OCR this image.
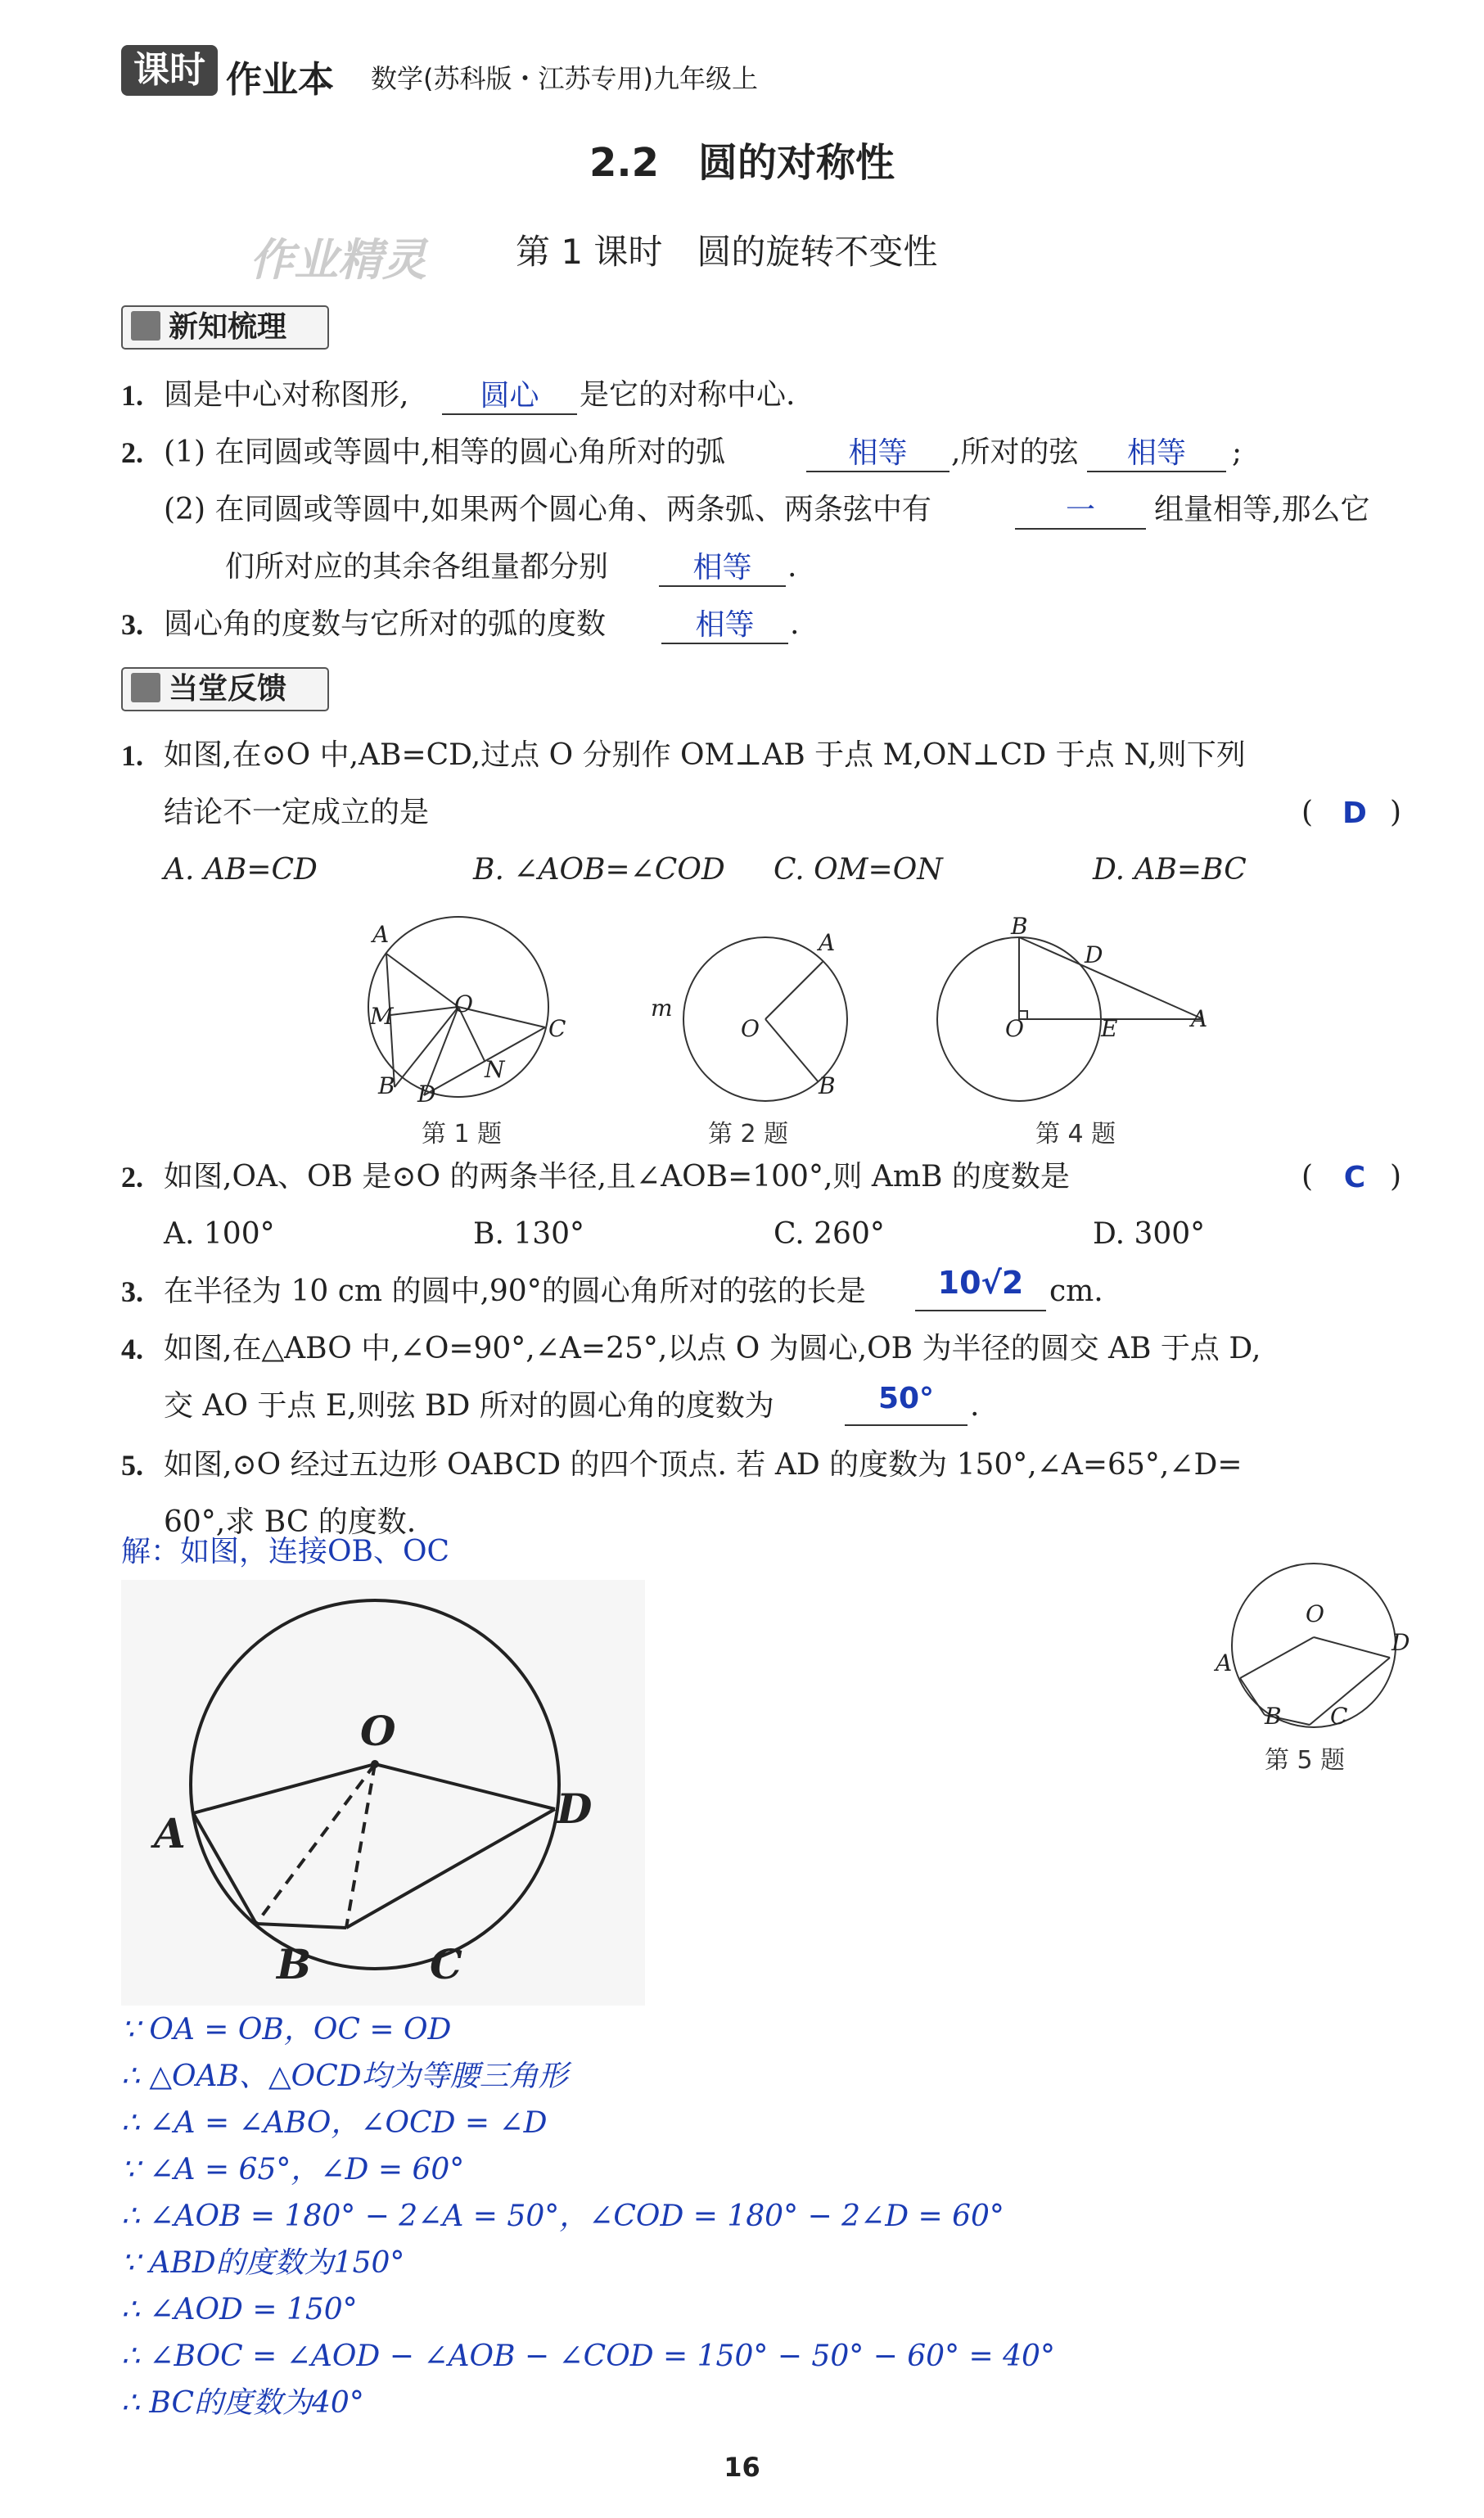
课时 作业本 数学(苏科版・江苏专用)九年级上
2.2　圆的对称性
作业精灵	第 1 课时　圆的旋转不变性
新知梳理
1. 圆是中心对称图形,	圆心	是它的对称中心.
2. (1) 在同圆或等圆中,相等的圆心角所对的弧	相等	,所对的弦	相等	;
(2) 在同圆或等圆中,如果两个圆心角、两条弧、两条弦中有	一	组量相等,那么它
们所对应的其余各组量都分别	相等	.
3. 圆心角的度数与它所对的弧的度数	相等	.
当堂反馈
1. 如图,在⊙O 中,AB=CD,过点 O 分别作 OM⊥AB 于点 M,ON⊥CD 于点 N,则下列
结论不一定成立的是	(	D )
A. AB=CD	B. ∠AOB=∠COD C. OM=ON	D. AB=BC
A
M	O
C
N
B D
第 1 题
m
A
O
B
第 2 题
B
D
O	E	A
第 4 题
2. 如图,OA、OB 是⊙O 的两条半径,且∠AOB=100°,则 AmB 的度数是	(	C )
A. 100°	B. 130°	C. 260°	D. 300°
3. 在半径为 10 cm 的圆中,90°的圆心角所对的弦的长是	10√2 cm.
4. 如图,在△ABO 中,∠O=90°,∠A=25°,以点 O 为圆心,OB 为半径的圆交 AB 于点 D,
交 AO 于点 E,则弦 BD 所对的圆心角的度数为	50°	.
5. 如图,⊙O 经过五边形 OABCD 的四个顶点. 若 AD 的度数为 150°,∠A=65°,∠D=
60°,求 BC 的度数.
解：如图，连接OB、OC
O
A
D
B	C
O
A
D
B C
第 5 题
∵ OA = OB，OC = OD
∴ △OAB、△OCD均为等腰三角形
∴ ∠A = ∠ABO，∠OCD = ∠D
∵ ∠A = 65°，∠D = 60°
∴ ∠AOB = 180° − 2∠A = 50°，∠COD = 180° − 2∠D = 60°
∵ ABD的度数为150°
∴ ∠AOD = 150°
∴ ∠BOC = ∠AOD − ∠AOB − ∠COD = 150° − 50° − 60° = 40°
∴ BC的度数为40°
16
